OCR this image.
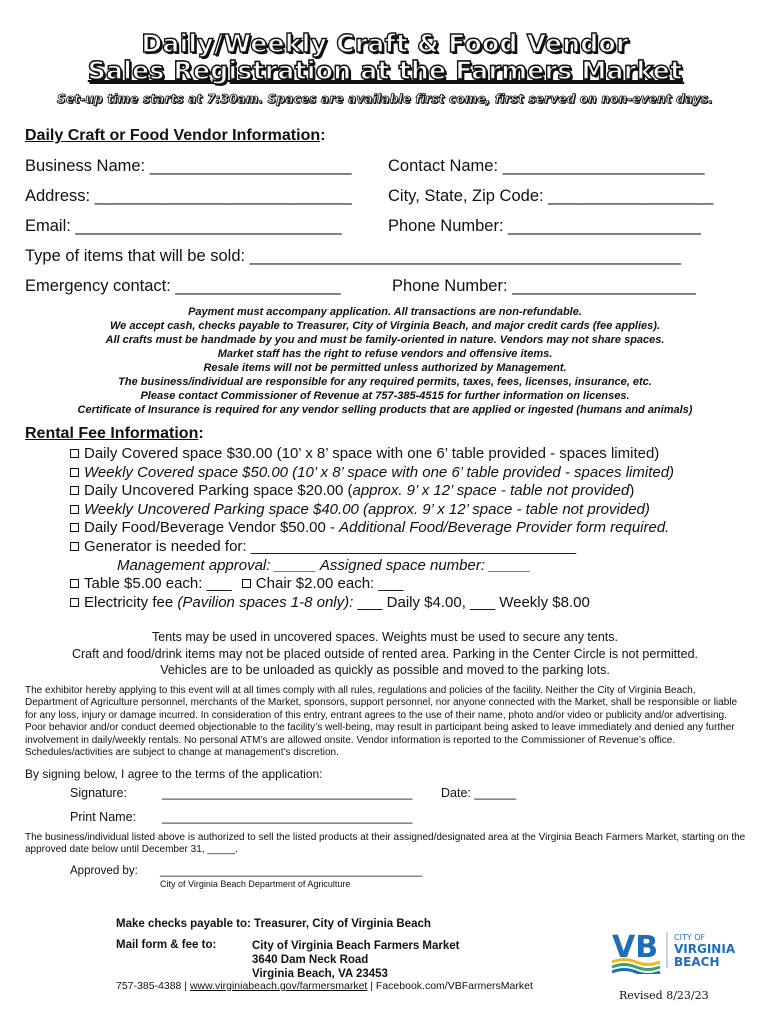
Daily/Weekly Craft & Food Vendor
Sales Registration at the Farmers Market
Set-up time starts at 7:30am. Spaces are available first come, first served on non-event days.
Daily Craft or Food Vendor Information:
Business Name: ______________________ Contact Name: ______________________
Address: ____________________________ City, State, Zip Code: __________________
Email: _____________________________	Phone Number: _____________________
Type of items that will be sold: _______________________________________________
Emergency contact: __________________	Phone Number: ____________________
Payment must accompany application. All transactions are non-refundable.
We accept cash, checks payable to Treasurer, City of Virginia Beach, and major credit cards (fee applies).
All crafts must be handmade by you and must be family-oriented in nature. Vendors may not share spaces.
Market staff has the right to refuse vendors and offensive items.
Resale items will not be permitted unless authorized by Management.
The business/individual are responsible for any required permits, taxes, fees, licenses, insurance, etc.
Please contact Commissioner of Revenue at 757-385-4515 for further information on licenses.
Certificate of Insurance is required for any vendor selling products that are applied or ingested (humans and animals)
Rental Fee Information:
Daily Covered space $30.00 (10’ x 8’ space with one 6’ table provided - spaces limited)
Weekly Covered space $50.00 (10’ x 8’ space with one 6’ table provided - spaces limited)
Daily Uncovered Parking space $20.00 (approx. 9’ x 12’ space - table not provided)
Weekly Uncovered Parking space $40.00 (approx. 9’ x 12’ space - table not provided)
Daily Food/Beverage Vendor $50.00 - Additional Food/Beverage Provider form required.
Generator is needed for: _______________________________________
Management approval: _____ Assigned space number: _____
Table $5.00 each: ___ Chair $2.00 each: ___
Electricity fee (Pavilion spaces 1-8 only): ___ Daily $4.00, ___ Weekly $8.00
Tents may be used in uncovered spaces. Weights must be used to secure any tents.
Craft and food/drink items may not be placed outside of rented area. Parking in the Center Circle is not permitted.
Vehicles are to be unloaded as quickly as possible and moved to the parking lots.
The exhibitor hereby applying to this event will at all times comply with all rules, regulations and policies of the facility. Neither the City of Virginia Beach, Department of Agriculture personnel, merchants of the Market, sponsors, support personnel, nor anyone connected with the Market, shall be responsible or liable for any loss, injury or damage incurred. In consideration of this entry, entrant agrees to the use of their name, photo and/or video or publicity and/or advertising. Poor behavior and/or conduct deemed objectionable to the facility’s well-being, may result in participant being asked to leave immediately and denied any further involvement in daily/weekly rentals. No personal ATM’s are allowed onsite. Vendor information is reported to the Commissioner of Revenue’s office. Schedules/activities are subject to change at management’s discretion.
By signing below, I agree to the terms of the application:
Signature:	____________________________________ Date: ______
Print Name: ____________________________________
The business/individual listed above is authorized to sell the listed products at their assigned/designated area at the Virginia Beach Farmers Market, starting on the approved date below until December 31, _____.
Approved by: _________________________________________
City of Virginia Beach Department of Agriculture
Make checks payable to: Treasurer, City of Virginia Beach
Mail form & fee to:	City of Virginia Beach Farmers Market
3640 Dam Neck Road
Virginia Beach, VA 23453
757-385-4388 | www.virginiabeach.gov/farmersmarket | Facebook.com/VBFarmersMarket
VB CITY OF
VIRGINIA
BEACH
Revised 8/23/23
